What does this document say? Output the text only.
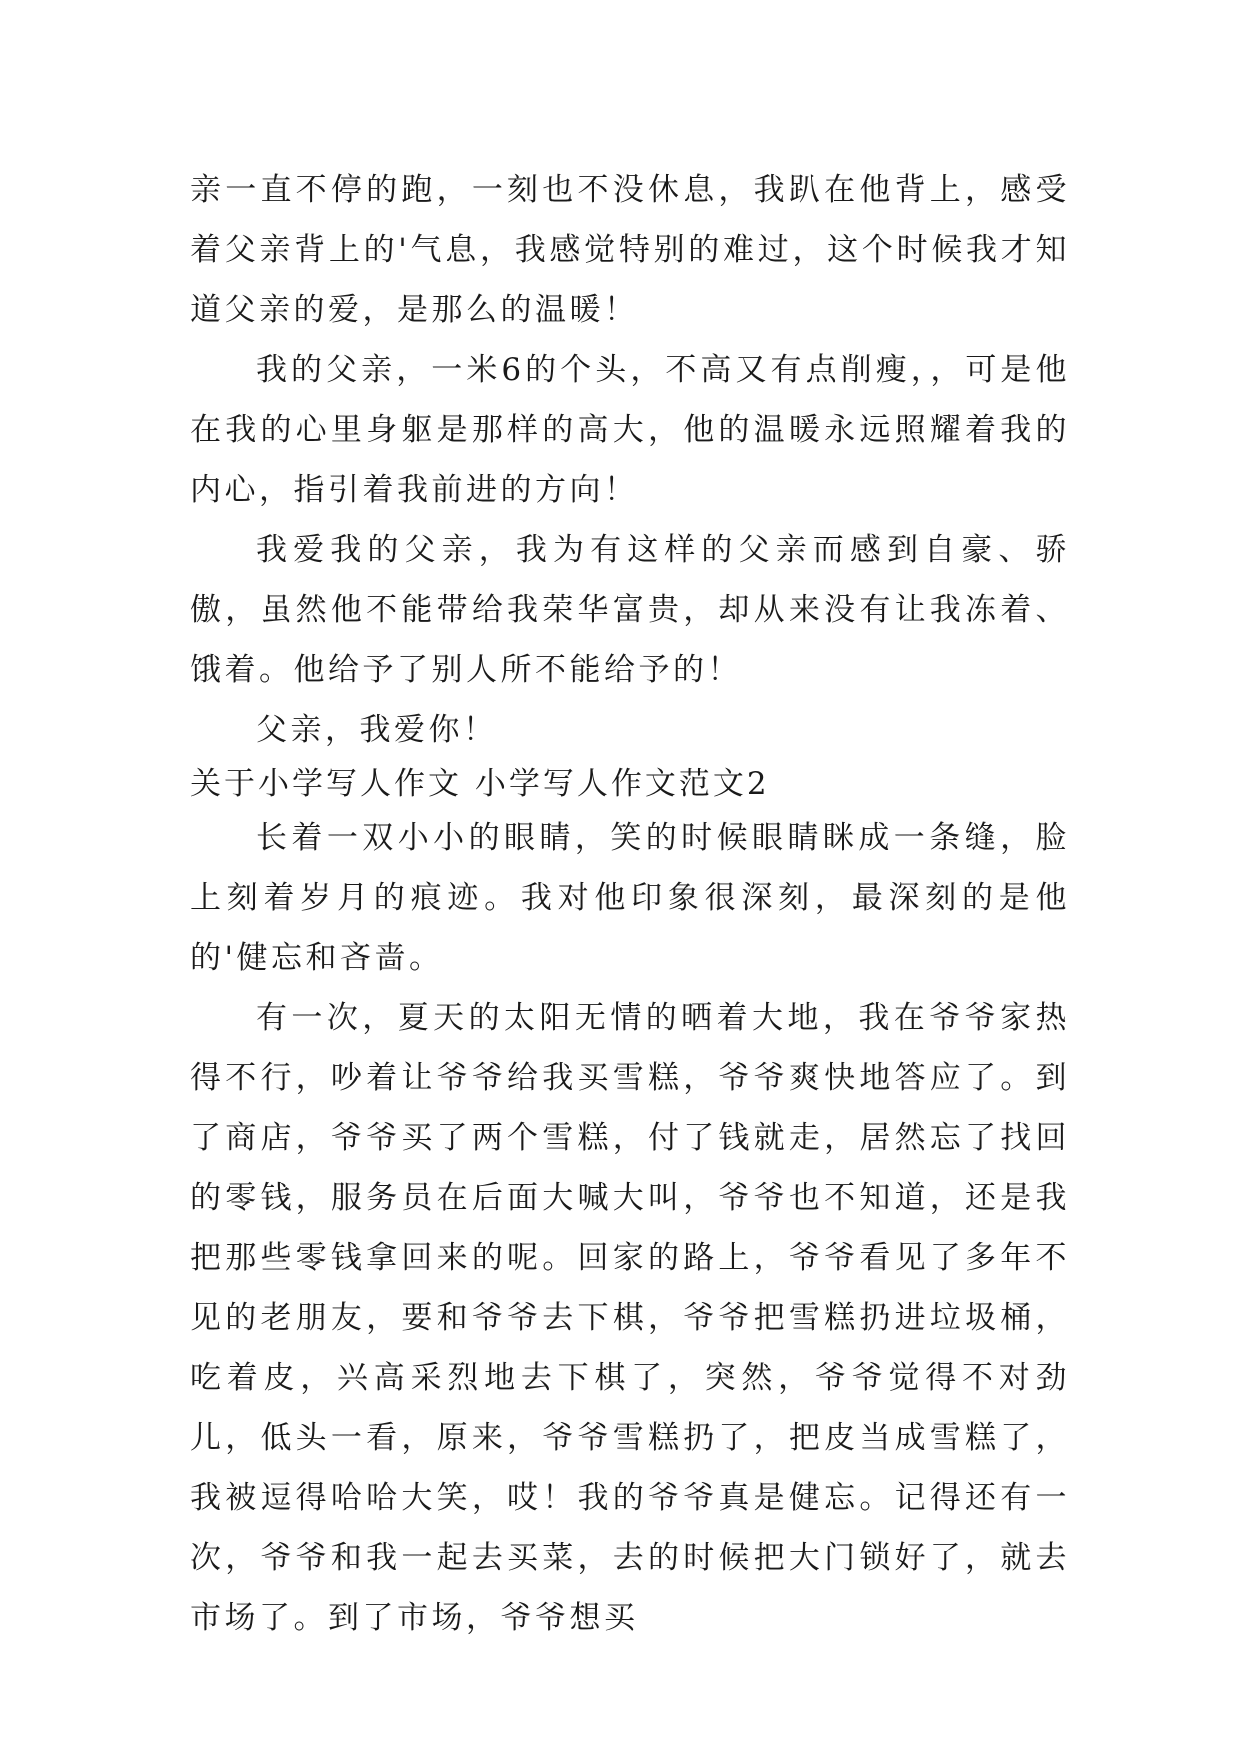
亲一直不停的跑，一刻也不没休息，我趴在他背上，感受着父亲背上的'气息，我感觉特别的难过，这个时候我才知道父亲的爱，是那么的温暖！

我的父亲，一米6的个头，不高又有点削瘦，，可是他在我的心里身躯是那样的高大，他的温暖永远照耀着我的内心，指引着我前进的方向！

我爱我的父亲，我为有这样的父亲而感到自豪、骄傲，虽然他不能带给我荣华富贵，却从来没有让我冻着、饿着。他给予了别人所不能给予的！

父亲，我爱你！

关于小学写人作文 小学写人作文范文2

长着一双小小的眼睛，笑的时候眼睛眯成一条缝，脸上刻着岁月的痕迹。我对他印象很深刻，最深刻的是他的'健忘和吝啬。

有一次，夏天的太阳无情的晒着大地，我在爷爷家热得不行，吵着让爷爷给我买雪糕，爷爷爽快地答应了。到了商店，爷爷买了两个雪糕，付了钱就走，居然忘了找回的零钱，服务员在后面大喊大叫，爷爷也不知道，还是我把那些零钱拿回来的呢。回家的路上，爷爷看见了多年不见的老朋友，要和爷爷去下棋，爷爷把雪糕扔进垃圾桶，吃着皮，兴高采烈地去下棋了，突然，爷爷觉得不对劲儿，低头一看，原来，爷爷雪糕扔了，把皮当成雪糕了，我被逗得哈哈大笑，哎！我的爷爷真是健忘。记得还有一次，爷爷和我一起去买菜，去的时候把大门锁好了，就去市场了。到了市场，爷爷想买
